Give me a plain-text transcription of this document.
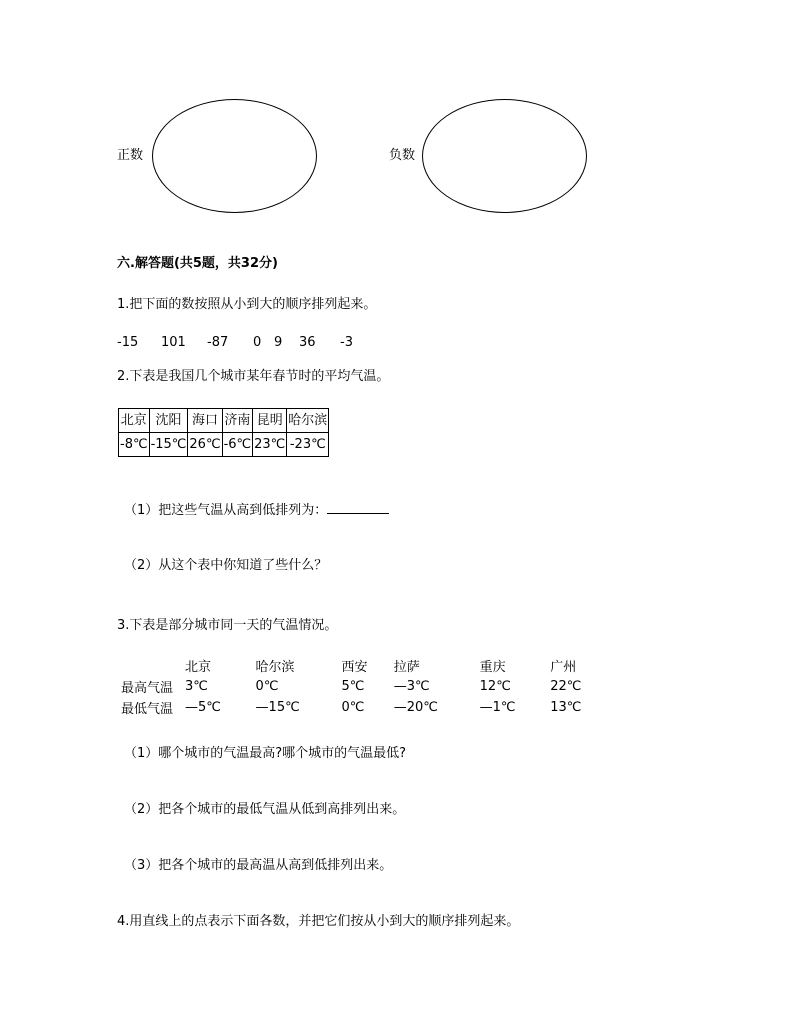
正数	负数
六.解答题(共5题，共32分)
1.把下面的数按照从小到大的顺序排列起来。
-15 101 -87 0 9 36 -3
2.下表是我国几个城市某年春节时的平均气温。
北京	沈阳	海口	济南	昆明	哈尔滨
-8℃	-15℃	26℃	-6℃	23℃	-23℃
（1）把这些气温从高到低排列为：
（2）从这个表中你知道了些什么？
3.下表是部分城市同一天的气温情况。
	北京	哈尔滨	西安	拉萨	重庆	广州
最高气温	3℃	0℃	5℃	—3℃	12℃	22℃
最低气温	—5℃	—15℃	0℃	—20℃	—1℃	13℃
（1）哪个城市的气温最高?哪个城市的气温最低?
（2）把各个城市的最低气温从低到高排列出来。
（3）把各个城市的最高温从高到低排列出来。
4.用直线上的点表示下面各数，并把它们按从小到大的顺序排列起来。
